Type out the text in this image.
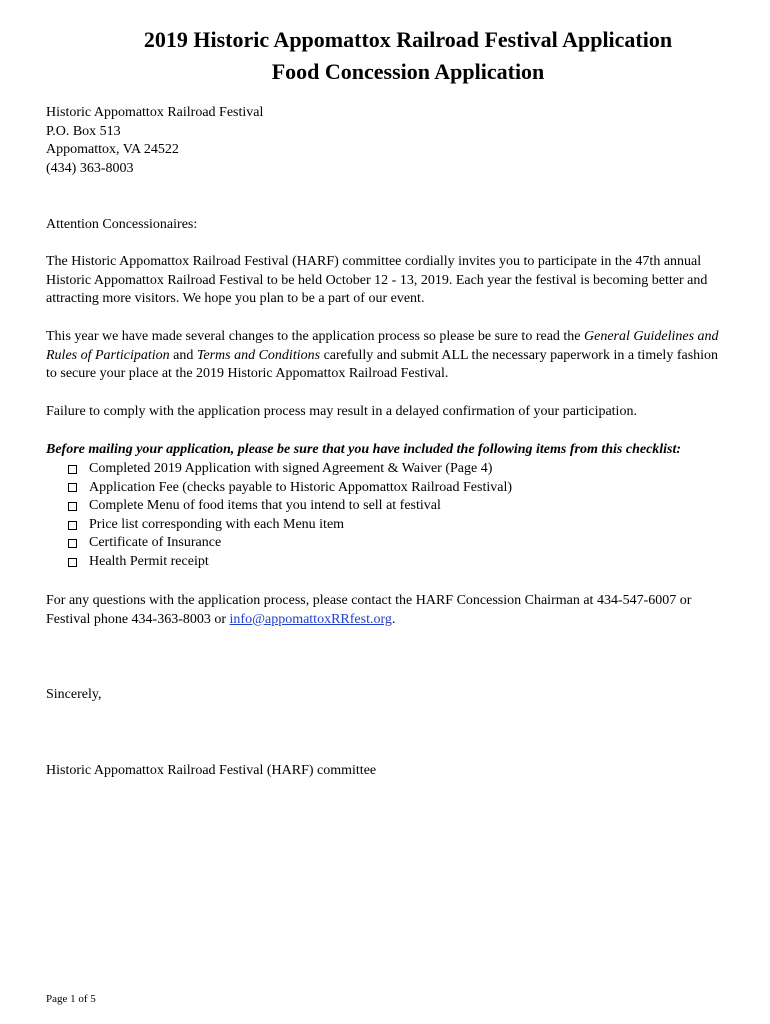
2019 Historic Appomattox Railroad Festival Application
Food Concession Application
Historic Appomattox Railroad Festival
P.O. Box 513
Appomattox, VA 24522
(434) 363-8003
Attention Concessionaires:
The Historic Appomattox Railroad Festival (HARF) committee cordially invites you to participate in the 47th annual Historic Appomattox Railroad Festival to be held October 12 - 13, 2019. Each year the festival is becoming better and attracting more visitors. We hope you plan to be a part of our event.
This year we have made several changes to the application process so please be sure to read the General Guidelines and Rules of Participation and Terms and Conditions carefully and submit ALL the necessary paperwork in a timely fashion to secure your place at the 2019 Historic Appomattox Railroad Festival.
Failure to comply with the application process may result in a delayed confirmation of your participation.
Before mailing your application, please be sure that you have included the following items from this checklist:
Completed 2019 Application with signed Agreement & Waiver (Page 4)
Application Fee (checks payable to Historic Appomattox Railroad Festival)
Complete Menu of food items that you intend to sell at festival
Price list corresponding with each Menu item
Certificate of Insurance
Health Permit receipt
For any questions with the application process, please contact the HARF Concession Chairman at 434-547-6007 or Festival phone 434-363-8003 or info@appomattoxRRfest.org.
Sincerely,
Historic Appomattox Railroad Festival (HARF) committee
Page 1 of 5
